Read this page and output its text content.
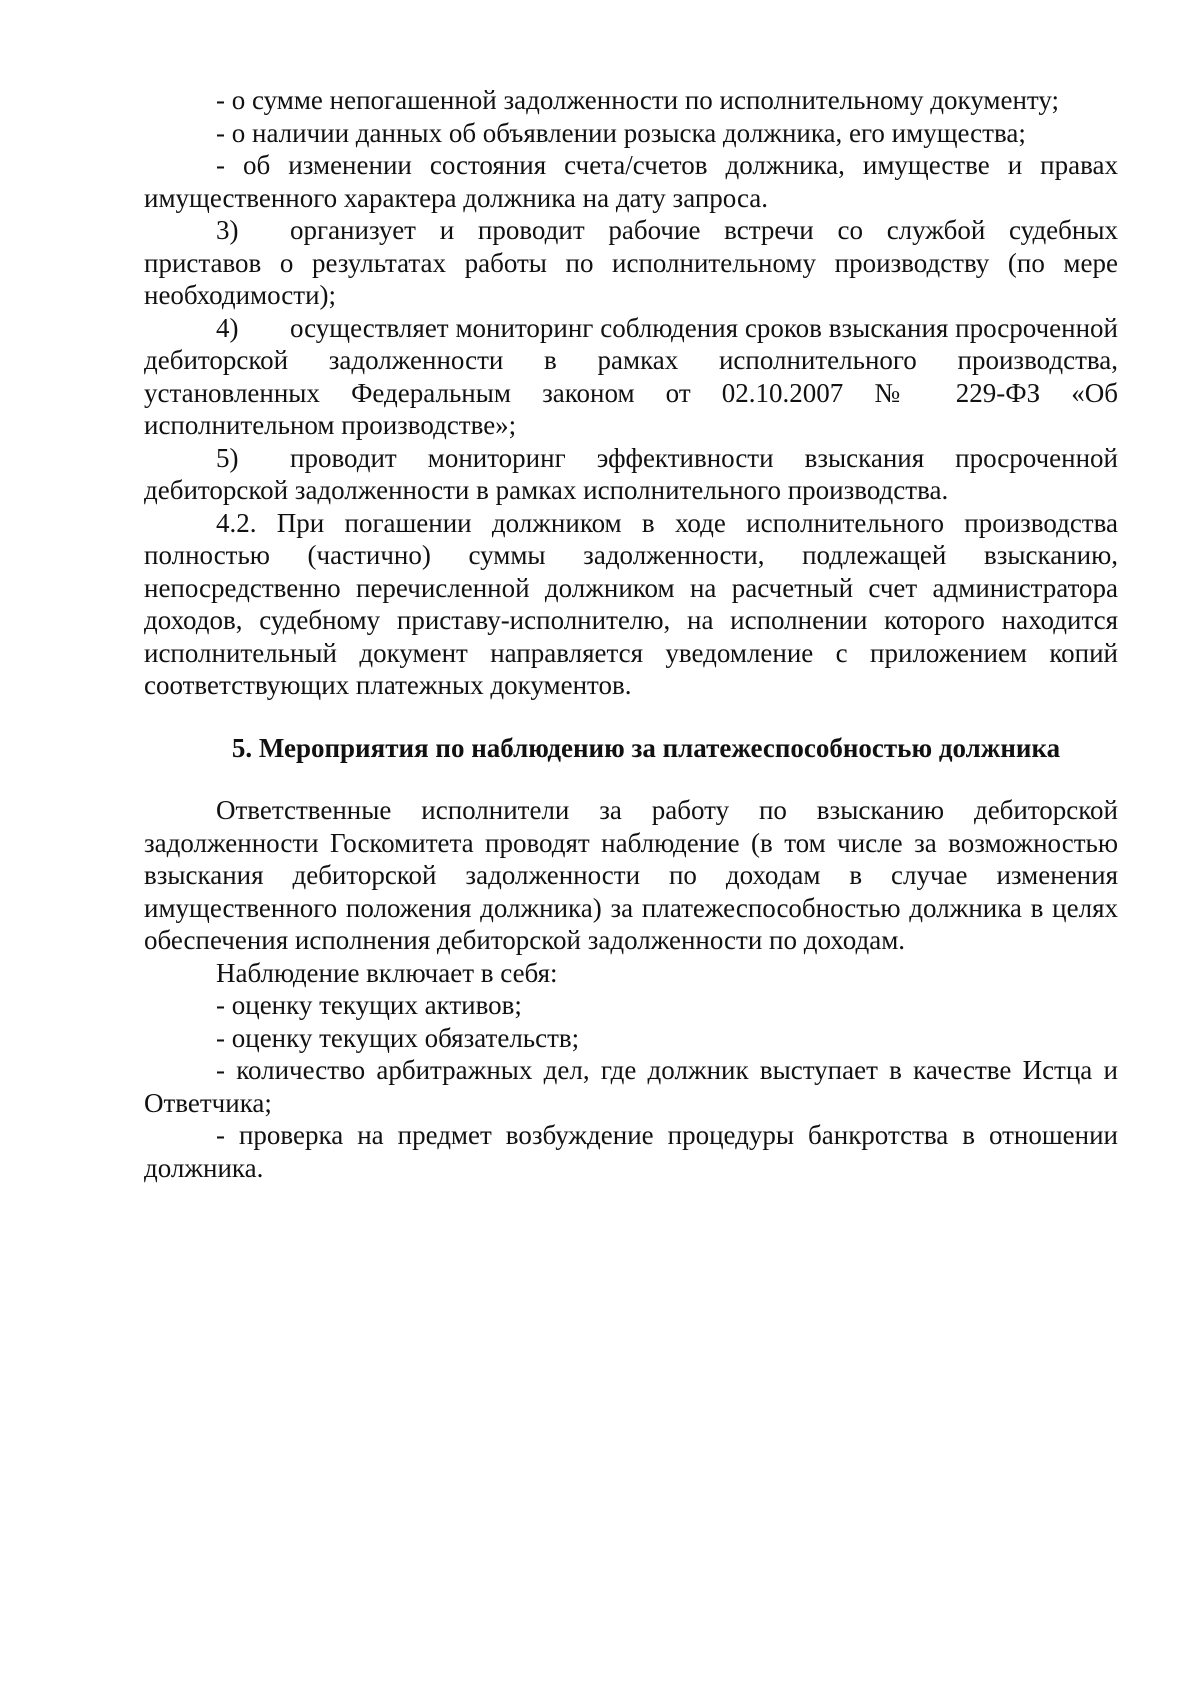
- о сумме непогашенной задолженности по исполнительному документу;

- о наличии данных об объявлении розыска должника, его имущества;

- об изменении состояния счета/счетов должника, имуществе и правах имущественного характера должника на дату запроса.

3) организует и проводит рабочие встречи со службой судебных приставов о результатах работы по исполнительному производству (по мере необходимости);

4) осуществляет мониторинг соблюдения сроков взыскания просроченной дебиторской задолженности в рамках исполнительного производства, установленных Федеральным законом от 02.10.2007 № 229-ФЗ «Об исполнительном производстве»;

5) проводит мониторинг эффективности взыскания просроченной дебиторской задолженности в рамках исполнительного производства.

4.2. При погашении должником в ходе исполнительного производства полностью (частично) суммы задолженности, подлежащей взысканию, непосредственно перечисленной должником на расчетный счет администратора доходов, судебному приставу-исполнителю, на исполнении которого находится исполнительный документ направляется уведомление с приложением копий соответствующих платежных документов.

5. Мероприятия по наблюдению за платежеспособностью должника

Ответственные исполнители за работу по взысканию дебиторской задолженности Госкомитета проводят наблюдение (в том числе за возможностью взыскания дебиторской задолженности по доходам в случае изменения имущественного положения должника) за платежеспособностью должника в целях обеспечения исполнения дебиторской задолженности по доходам.

Наблюдение включает в себя:

- оценку текущих активов;

- оценку текущих обязательств;

- количество арбитражных дел, где должник выступает в качестве Истца и Ответчика;

- проверка на предмет возбуждение процедуры банкротства в отношении должника.
